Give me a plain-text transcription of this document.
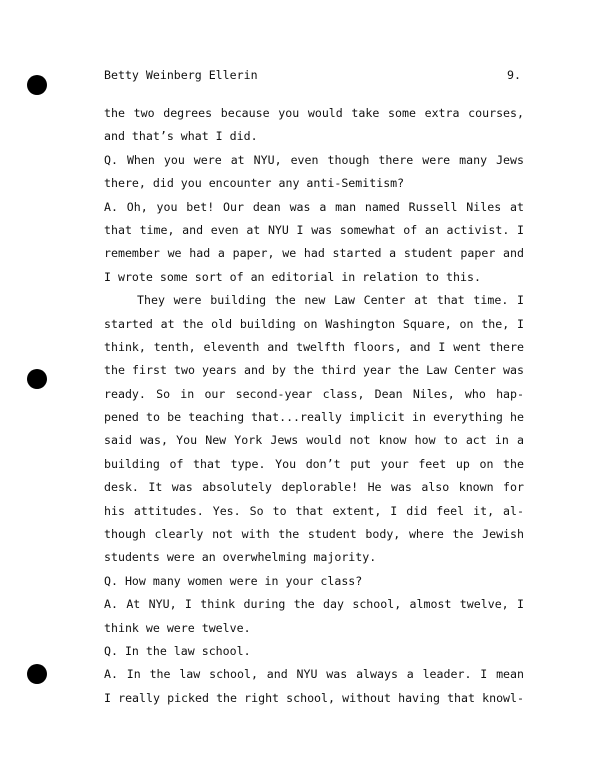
Betty Weinberg Ellerin	9.
the two degrees because you would take some extra courses,
and that’s what I did.
Q. When you were at NYU, even though there were many Jews
there, did you encounter any anti-Semitism?
A. Oh, you bet! Our dean was a man named Russell Niles at
that time, and even at NYU I was somewhat of an activist. I
remember we had a paper, we had started a student paper and
I wrote some sort of an editorial in relation to this.
They were building the new Law Center at that time. I
started at the old building on Washington Square, on the, I
think, tenth, eleventh and twelfth floors, and I went there
the first two years and by the third year the Law Center was
ready. So in our second-year class, Dean Niles, who hap-
pened to be teaching that...really implicit in everything he
said was, You New York Jews would not know how to act in a
building of that type. You don’t put your feet up on the
desk. It was absolutely deplorable! He was also known for
his attitudes. Yes. So to that extent, I did feel it, al-
though clearly not with the student body, where the Jewish
students were an overwhelming majority.
Q. How many women were in your class?
A. At NYU, I think during the day school, almost twelve, I
think we were twelve.
Q. In the law school.
A. In the law school, and NYU was always a leader. I mean
I really picked the right school, without having that knowl-
